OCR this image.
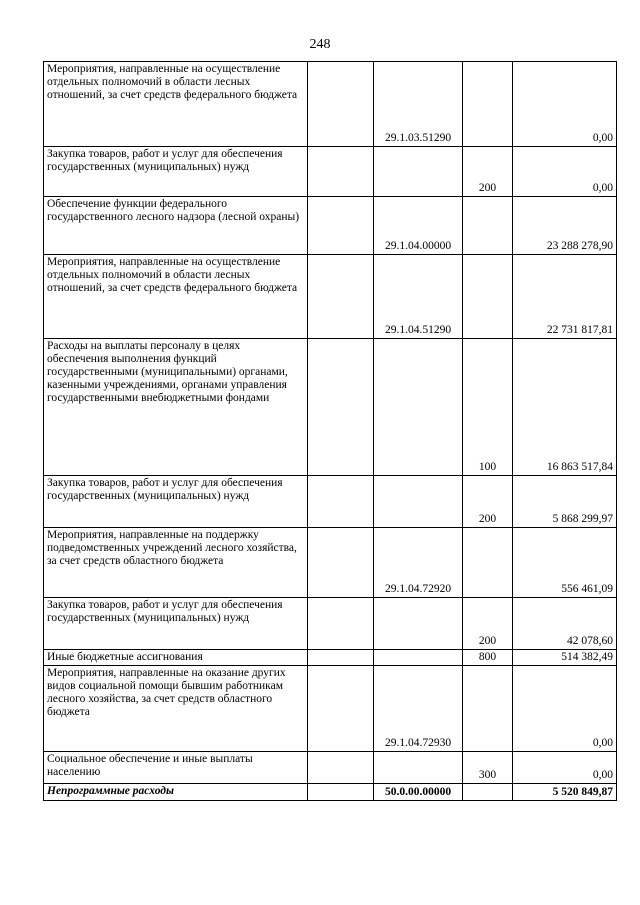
248
Мероприятия, направленные на осуществление отдельных полномочий в области лесных отношений, за счет средств федерального бюджета		29.1.03.51290		0,00
Закупка товаров, работ и услуг для обеспечения государственных (муниципальных) нужд			200	0,00
Обеспечение функции федерального государственного лесного надзора (лесной охраны)		29.1.04.00000		23 288 278,90
Мероприятия, направленные на осуществление отдельных полномочий в области лесных отношений, за счет средств федерального бюджета		29.1.04.51290		22 731 817,81
Расходы на выплаты персоналу в целях обеспечения выполнения функций государственными (муниципальными) органами, казенными учреждениями, органами управления государственными внебюджетными фондами			100	16 863 517,84
Закупка товаров, работ и услуг для обеспечения государственных (муниципальных) нужд			200	5 868 299,97
Мероприятия, направленные на поддержку подведомственных учреждений лесного хозяйства, за счет средств областного бюджета		29.1.04.72920		556 461,09
Закупка товаров, работ и услуг для обеспечения государственных (муниципальных) нужд			200	42 078,60
Иные бюджетные ассигнования			800	514 382,49
Мероприятия, направленные на оказание других видов социальной помощи бывшим работникам лесного хозяйства, за счет средств областного бюджета		29.1.04.72930		0,00
Социальное обеспечение и иные выплаты населению			300	0,00
Непрограммные расходы		50.0.00.00000		5 520 849,87
